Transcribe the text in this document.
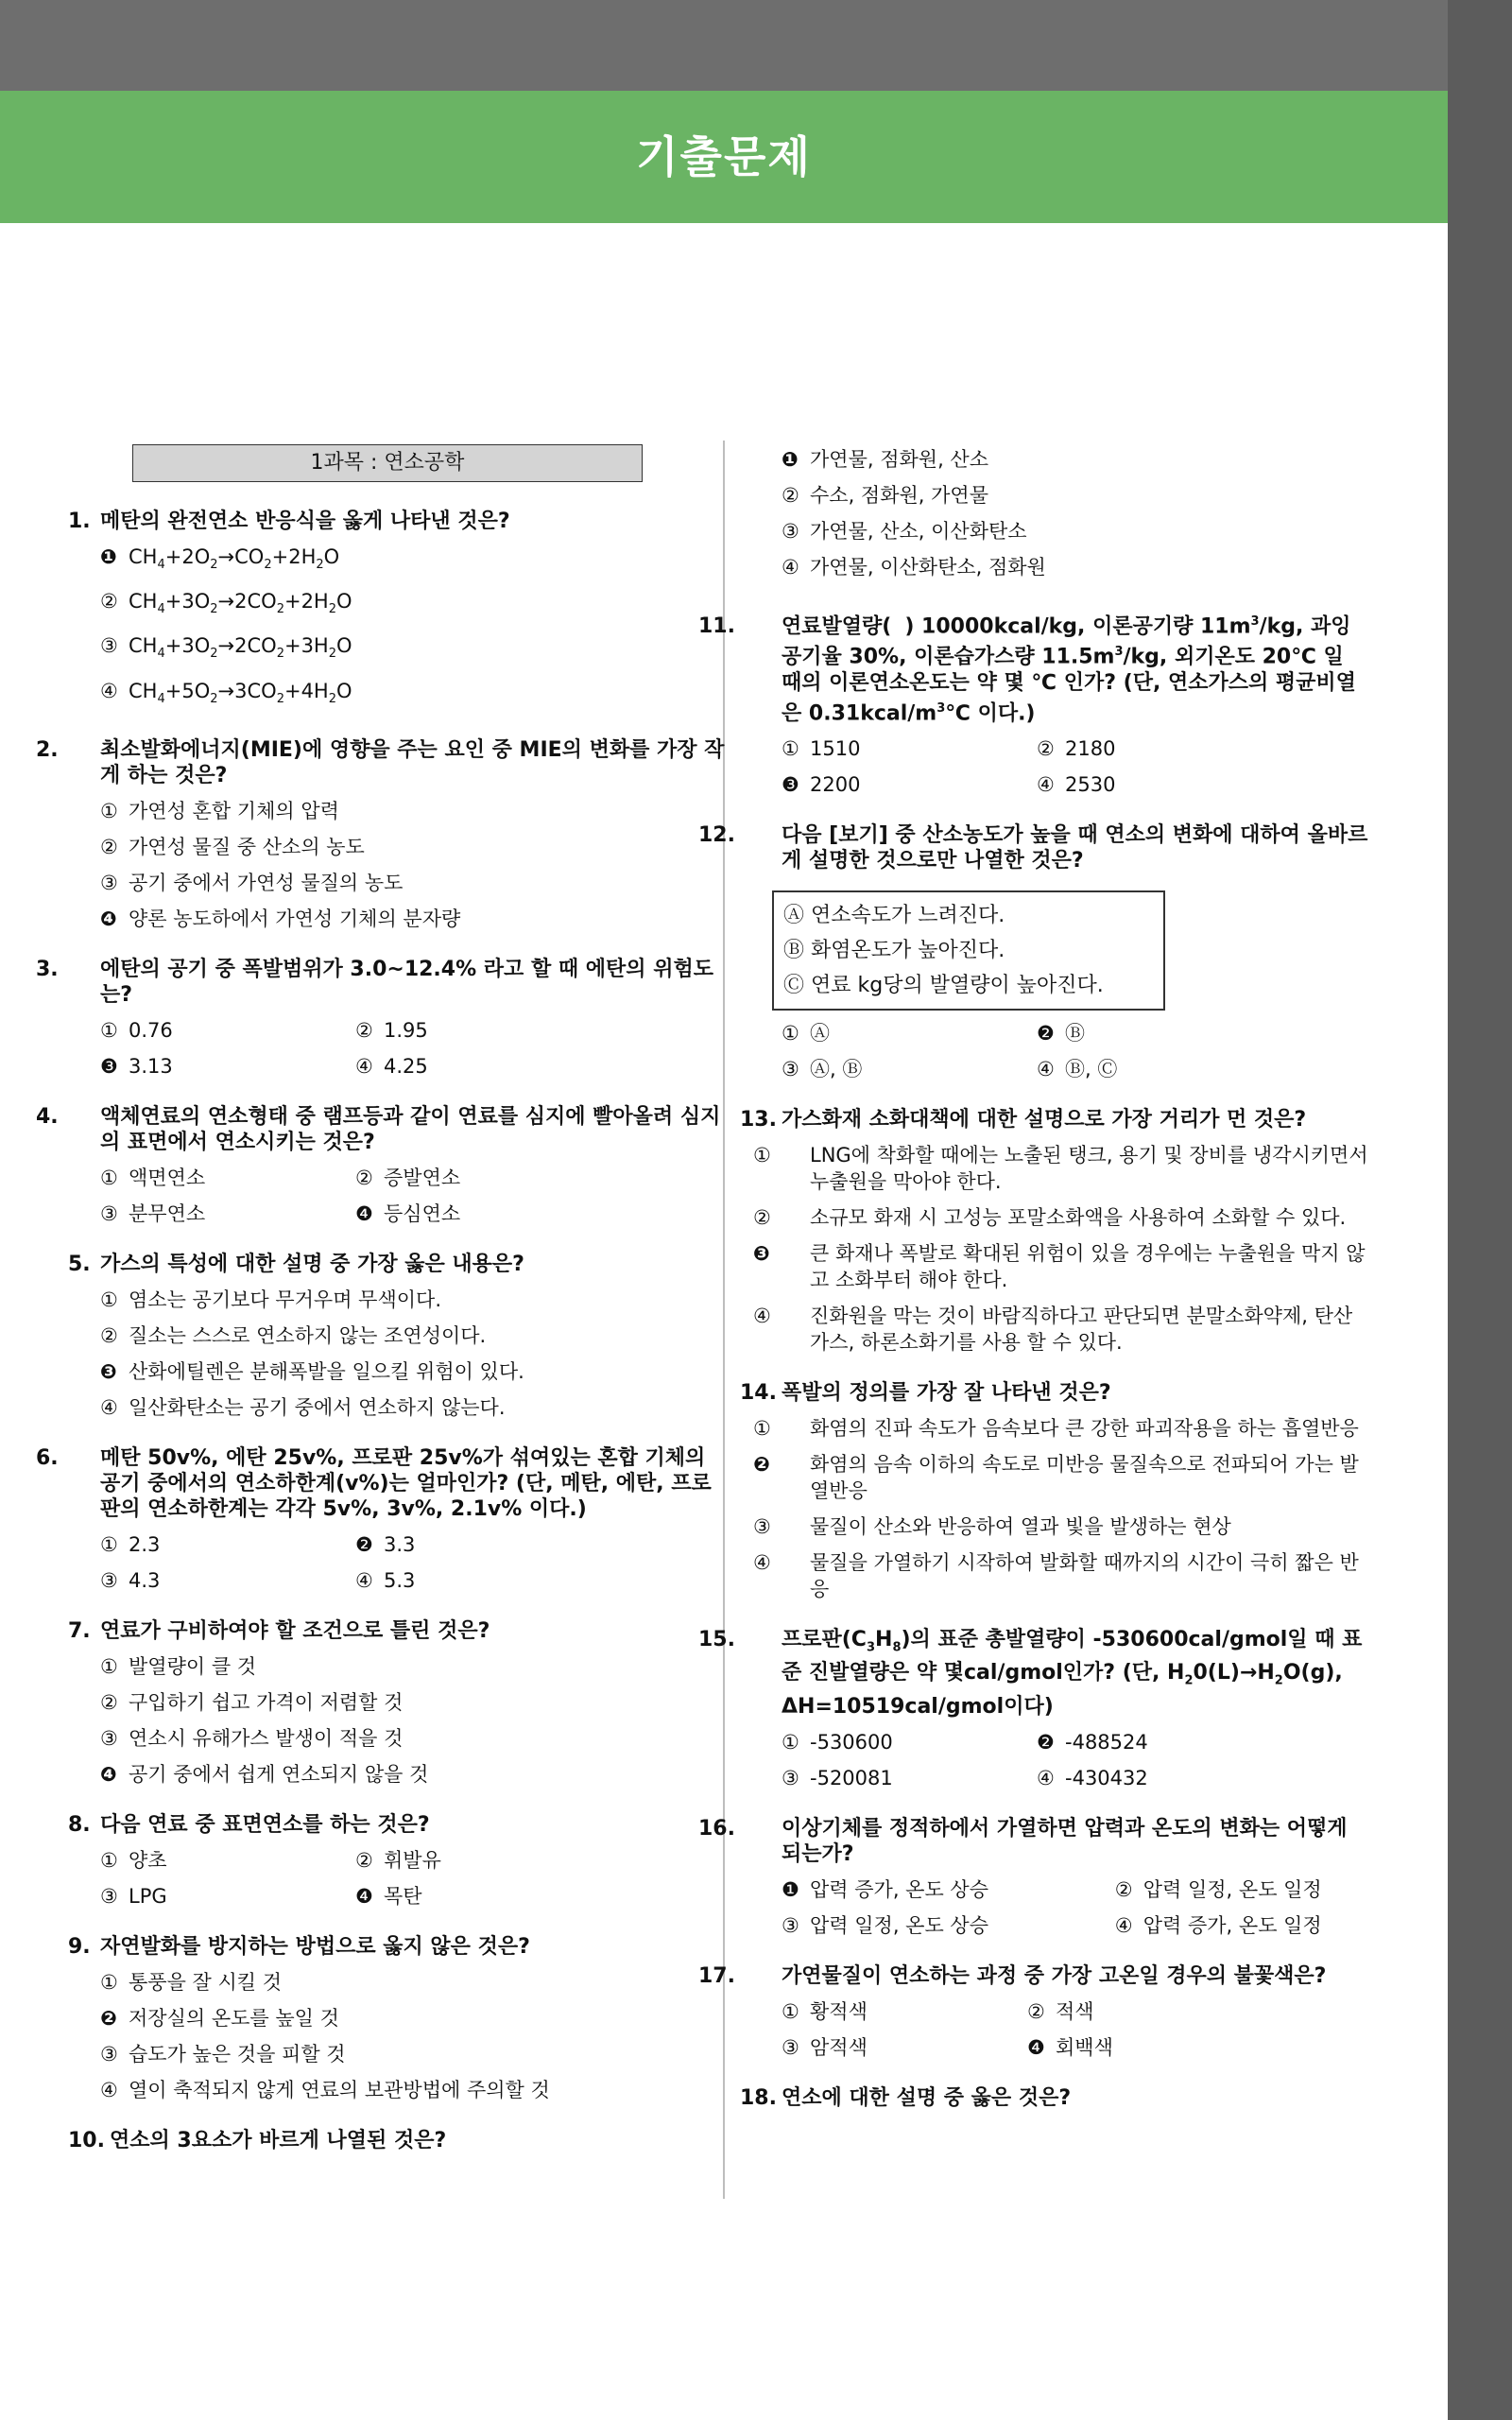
기출문제
1과목 : 연소공학
1. 메탄의 완전연소 반응식을 옳게 나타낸 것은?
❶ $CH_4+2O_2\to CO_2+2H_2O$
② $CH_4+3O_2\to 2CO_2+2H_2O$
③ $CH_4+3O_2\to 2CO_2+3H_2O$
④ $CH_4+5O_2\to 3CO_2+4H_2O$
2. 최소발화에너지(MIE)에 영향을 주는 요인 중 MIE의 변화를 가장 작게 하는 것은?
① 가연성 혼합 기체의 압력
② 가연성 물질 중 산소의 농도
③ 공기 중에서 가연성 물질의 농도
❹ 양론 농도하에서 가연성 기체의 분자량
3. 에탄의 공기 중 폭발범위가 3.0~12.4% 라고 할 때 에탄의 위험도는?
① 0.76	② 1.95
❸ 3.13	④ 4.25
4. 액체연료의 연소형태 중 램프등과 같이 연료를 심지에 빨아올려 심지의 표면에서 연소시키는 것은?
① 액면연소	② 증발연소
③ 분무연소	❹ 등심연소
5. 가스의 특성에 대한 설명 중 가장 옳은 내용은?
① 염소는 공기보다 무거우며 무색이다.
② 질소는 스스로 연소하지 않는 조연성이다.
❸ 산화에틸렌은 분해폭발을 일으킬 위험이 있다.
④ 일산화탄소는 공기 중에서 연소하지 않는다.
6. 메탄 50v%, 에탄 25v%, 프로판 25v%가 섞여있는 혼합 기체의 공기 중에서의 연소하한계(v%)는 얼마인가? (단, 메탄, 에탄, 프로판의 연소하한계는 각각 5v%, 3v%, 2.1v% 이다.)
① 2.3	❷ 3.3
③ 4.3	④ 5.3
7. 연료가 구비하여야 할 조건으로 틀린 것은?
① 발열량이 클 것
② 구입하기 쉽고 가격이 저렴할 것
③ 연소시 유해가스 발생이 적을 것
❹ 공기 중에서 쉽게 연소되지 않을 것
8. 다음 연료 중 표면연소를 하는 것은?
① 양초	② 휘발유
③ LPG	❹ 목탄
9. 자연발화를 방지하는 방법으로 옳지 않은 것은?
① 통풍을 잘 시킬 것
❷ 저장실의 온도를 높일 것
③ 습도가 높은 것을 피할 것
④ 열이 축적되지 않게 연료의 보관방법에 주의할 것
10. 연소의 3요소가 바르게 나열된 것은?
❶ 가연물, 점화원, 산소
② 수소, 점화원, 가연물
③ 가연물, 산소, 이산화탄소
④ 가연물, 이산화탄소, 점화원
11. 연료발열량( ) 10000kcal/kg, 이론공기량 $11m^3/kg$, 과잉공기율 30%, 이론습가스량 $11.5m^3/kg$, 외기온도 20℃ 일 때의 이론연소온도는 약 몇 ℃ 인가? (단, 연소가스의 평균비열은 $0.31kcal/m^3℃$ 이다.)
① 1510	② 2180
❸ 2200	④ 2530
12. 다음 [보기] 중 산소농도가 높을 때 연소의 변화에 대하여 올바르게 설명한 것으로만 나열한 것은?
Ⓐ 연소속도가 느려진다.
Ⓑ 화염온도가 높아진다.
Ⓒ 연료 kg당의 발열량이 높아진다.
① Ⓐ	❷ Ⓑ
③ Ⓐ, Ⓑ	④ Ⓑ, Ⓒ
13. 가스화재 소화대책에 대한 설명으로 가장 거리가 먼 것은?
① LNG에 착화할 때에는 노출된 탱크, 용기 및 장비를 냉각시키면서 누출원을 막아야 한다.
② 소규모 화재 시 고성능 포말소화액을 사용하여 소화할 수 있다.
❸ 큰 화재나 폭발로 확대된 위험이 있을 경우에는 누출원을 막지 않고 소화부터 해야 한다.
④ 진화원을 막는 것이 바람직하다고 판단되면 분말소화약제, 탄산가스, 하론소화기를 사용 할 수 있다.
14. 폭발의 정의를 가장 잘 나타낸 것은?
① 화염의 진파 속도가 음속보다 큰 강한 파괴작용을 하는 흡열반응
❷ 화염의 음속 이하의 속도로 미반응 물질속으로 전파되어 가는 발열반응
③ 물질이 산소와 반응하여 열과 빛을 발생하는 현상
④ 물질을 가열하기 시작하여 발화할 때까지의 시간이 극히 짧은 반응
15. 프로판$(C_3H_8)$의 표준 총발열량이 -530600cal/gmol일 때 표준 진발열량은 약 몇cal/gmol인가? (단, $H_20(L)\to H_2O(g)$, ΔH=10519cal/gmol이다)
① -530600	❷ -488524
③ -520081	④ -430432
16. 이상기체를 정적하에서 가열하면 압력과 온도의 변화는 어떻게 되는가?
❶ 압력 증가, 온도 상승	② 압력 일정, 온도 일정
③ 압력 일정, 온도 상승	④ 압력 증가, 온도 일정
17. 가연물질이 연소하는 과정 중 가장 고온일 경우의 불꽃색은?
① 황적색	② 적색
③ 암적색	❹ 회백색
18. 연소에 대한 설명 중 옳은 것은?
